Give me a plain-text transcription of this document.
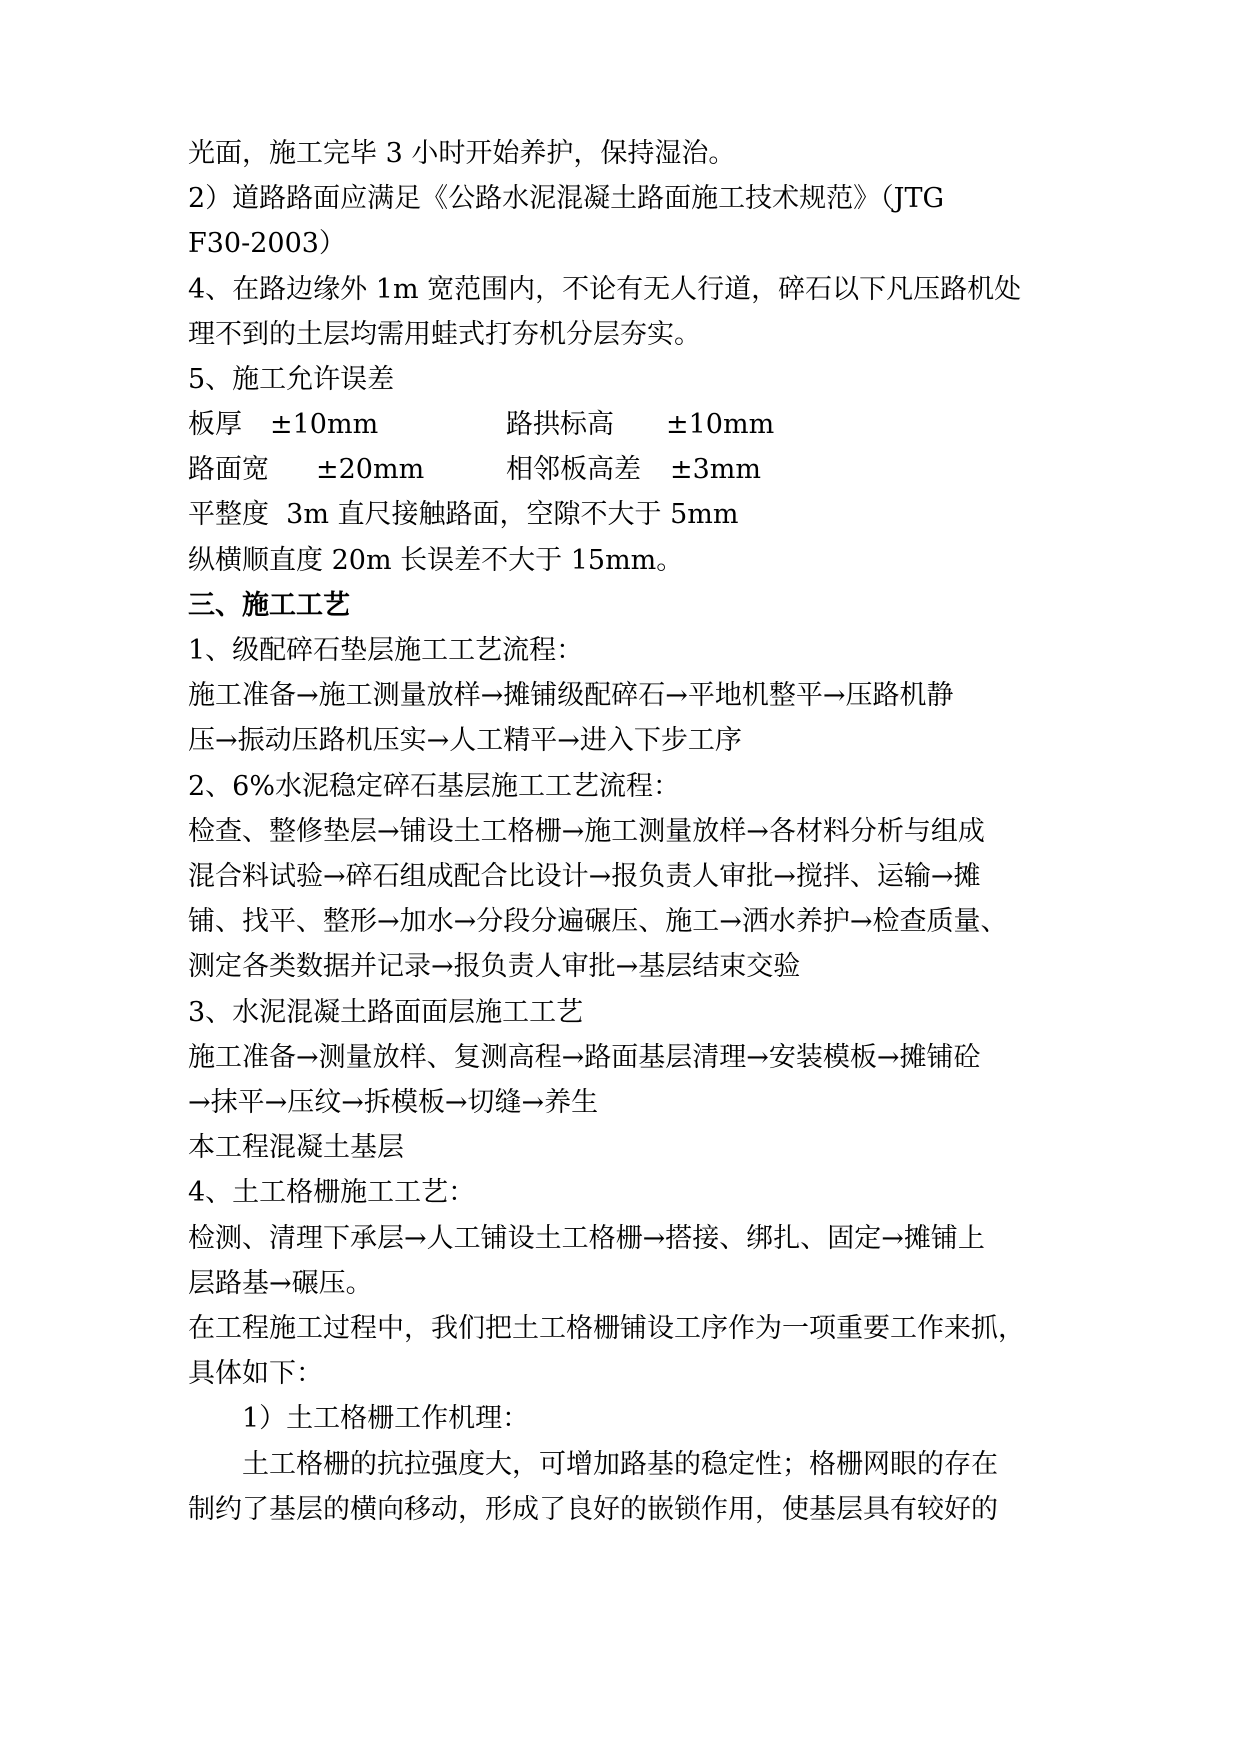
光面，施工完毕 3 小时开始养护，保持湿治。
2）道路路面应满足《公路水泥混凝土路面施工技术规范》（JTG
F30-2003）
4、在路边缘外 1m 宽范围内，不论有无人行道，碎石以下凡压路机处
理不到的土层均需用蛙式打夯机分层夯实。
5、施工允许误差
板厚 ±10mm	路拱标高 ±10mm
路面宽 ±20mm	相邻板高差 ±3mm
平整度  3m 直尺接触路面，空隙不大于 5mm
纵横顺直度 20m 长误差不大于 15mm。
三、施工工艺
1、级配碎石垫层施工工艺流程：
施工准备→施工测量放样→摊铺级配碎石→平地机整平→压路机静
压→振动压路机压实→人工精平→进入下步工序
2、6%水泥稳定碎石基层施工工艺流程：
检查、整修垫层→铺设土工格栅→施工测量放样→各材料分析与组成
混合料试验→碎石组成配合比设计→报负责人审批→搅拌、运输→摊
铺、找平、整形→加水→分段分遍碾压、施工→洒水养护→检查质量、
测定各类数据并记录→报负责人审批→基层结束交验
3、水泥混凝土路面面层施工工艺
施工准备→测量放样、复测高程→路面基层清理→安装模板→摊铺砼
→抹平→压纹→拆模板→切缝→养生
本工程混凝土基层
4、土工格栅施工工艺：
检测、清理下承层→人工铺设土工格栅→搭接、绑扎、固定→摊铺上
层路基→碾压。
在工程施工过程中，我们把土工格栅铺设工序作为一项重要工作来抓，
具体如下：
1）土工格栅工作机理：
土工格栅的抗拉强度大，可增加路基的稳定性；格栅网眼的存在
制约了基层的横向移动，形成了良好的嵌锁作用，使基层具有较好的
